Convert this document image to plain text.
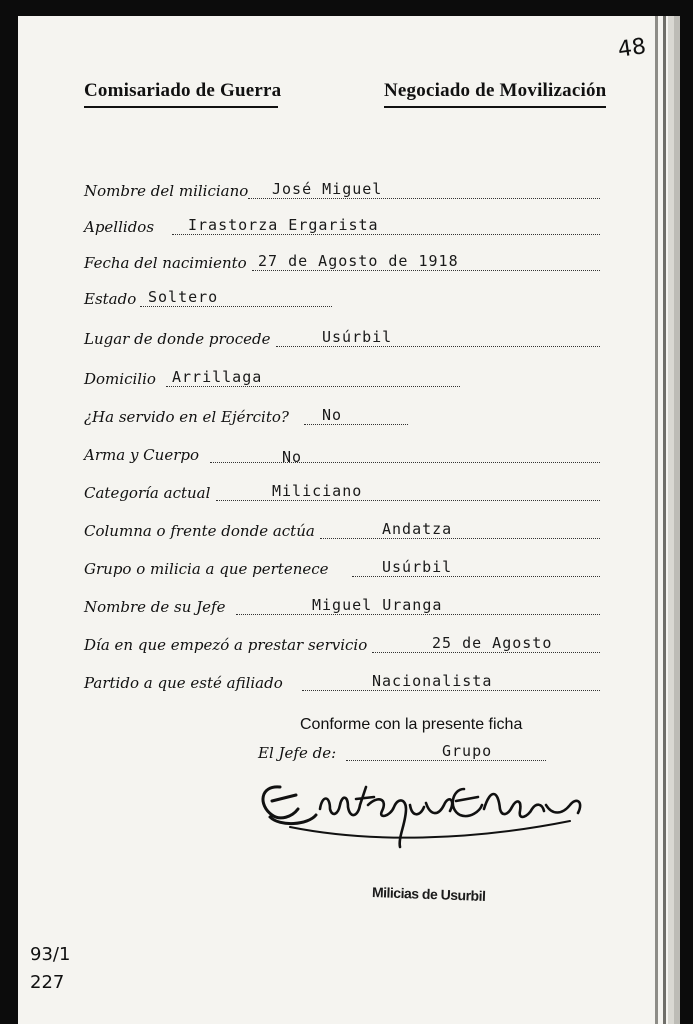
48
Comisariado de Guerra	Negociado de Movilización
Nombre del miliciano José Miguel
Apellidos Irastorza Ergarista
Fecha del nacimiento 27 de Agosto de 1918
Estado Soltero
Lugar de donde procede	Usúrbil
Domicilio Arrillaga
¿Ha servido en el Ejército? No
Arma y Cuerpo	No
Categoría actual	Miliciano
Columna o frente donde actúa	Andatza
Grupo o milicia a que pertenece	Usúrbil
Nombre de su Jefe	Miguel Uranga
Día en que empezó a prestar servicio	25 de Agosto
Partido a que esté afiliado	Nacionalista
Conforme con la presente ficha
El Jefe de:	Grupo
Milicias de Usurbil
93/1
227
